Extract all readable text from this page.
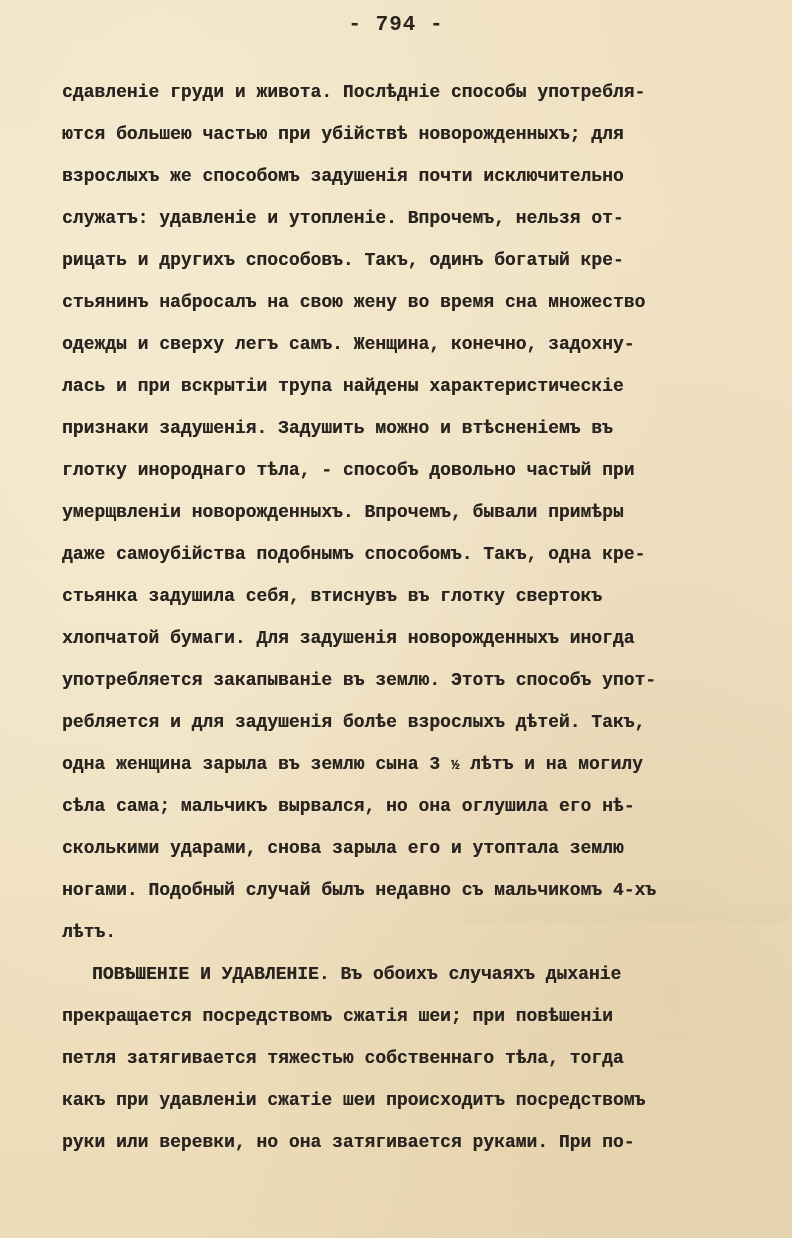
░░░░░░░░░░░░░░░░░░░░░░░░░░░░░░░░
- 794 -
сдавленіе груди и живота. Послѣдніе способы употребля-
ются большею частью при убійствѣ новорожденныхъ; для
взрослыхъ же способомъ задушенія почти исключительно
служатъ: удавленіе и утопленіе. Впрочемъ, нельзя от-
рицать и другихъ способовъ. Такъ, одинъ богатый кре-
стьянинъ набросалъ на свою жену во время сна множество
одежды и сверху легъ самъ. Женщина, конечно, задохну-
лась и при вскрытіи трупа найдены характеристическіе
признаки задушенія. Задушить можно и втѣсненіемъ въ
глотку инороднаго тѣла, - способъ довольно частый при
умерщвленіи новорожденныхъ. Впрочемъ, бывали примѣры
даже самоубійства подобнымъ способомъ. Такъ, одна кре-
стьянка задушила себя, втиснувъ въ глотку свертокъ
хлопчатой бумаги. Для задушенія новорожденныхъ иногда
употребляется закапываніе въ землю. Этотъ способъ упот-
ребляется и для задушенія болѣе взрослыхъ дѣтей. Такъ,
одна женщина зарыла въ землю сына 3 ½ лѣтъ и на могилу
сѣла сама; мальчикъ вырвался, но она оглушила его нѣ-
сколькими ударами, снова зарыла его и утоптала землю
ногами. Подобный случай былъ недавно съ мальчикомъ 4-хъ
лѣтъ.
ПОВѢШЕНІЕ И УДАВЛЕНІЕ. Въ обоихъ случаяхъ дыханіе
прекращается посредствомъ сжатія шеи; при повѣшеніи
петля затягивается тяжестью собственнаго тѣла, тогда
какъ при удавленіи сжатіе шеи происходитъ посредствомъ
руки или веревки, но она затягивается руками. При по-
